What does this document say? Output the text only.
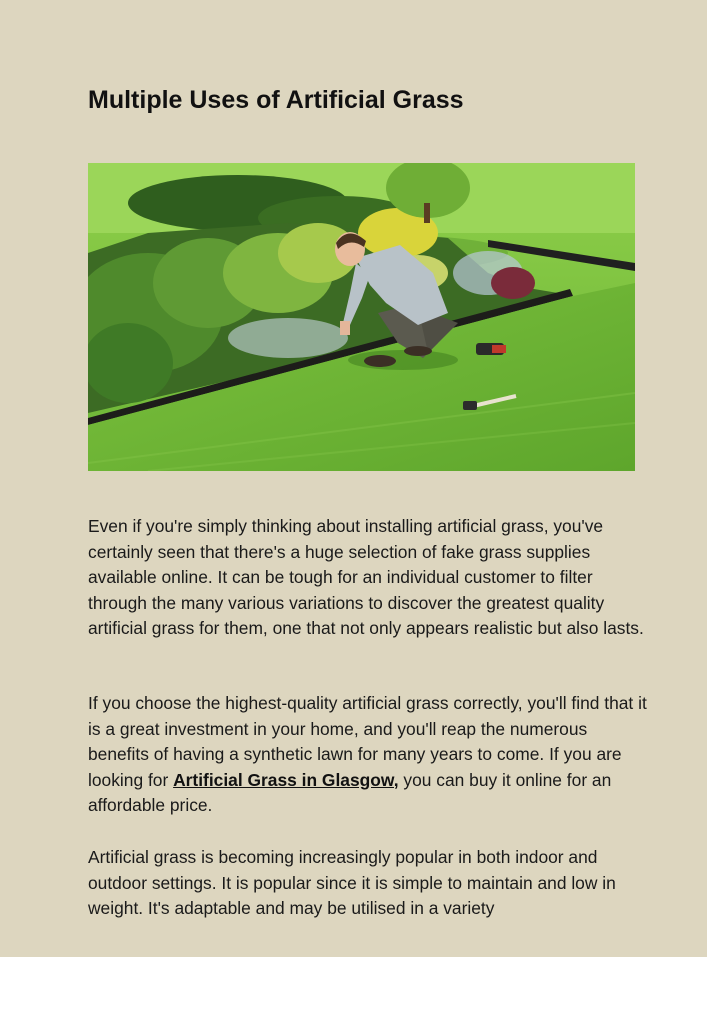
Multiple Uses of Artificial Grass

Even if you're simply thinking about installing artificial grass, you've certainly seen that there's a huge selection of fake grass supplies available online. It can be tough for an individual customer to filter through the many various variations to discover the greatest quality artificial grass for them, one that not only appears realistic but also lasts.

If you choose the highest-quality artificial grass correctly, you'll find that it is a great investment in your home, and you'll reap the numerous benefits of having a synthetic lawn for many years to come. If you are looking for Artificial Grass in Glasgow, you can buy it online for an affordable price.

Artificial grass is becoming increasingly popular in both indoor and outdoor settings. It is popular since it is simple to maintain and low in weight. It's adaptable and may be utilised in a variety
